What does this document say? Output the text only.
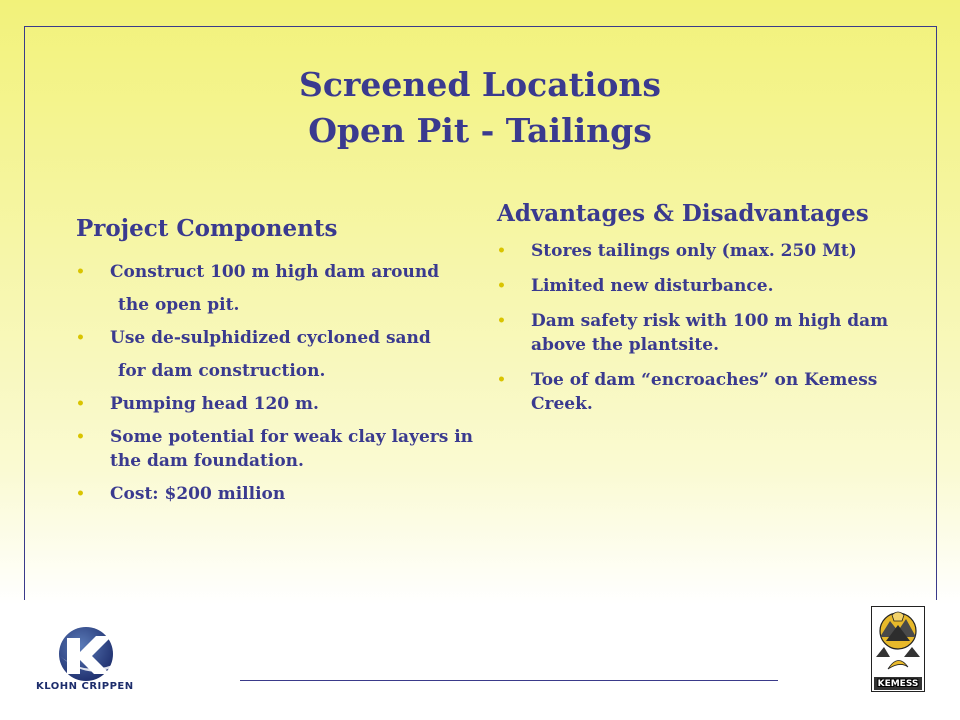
Screened Locations
Open Pit - Tailings
Project Components
• Construct 100 m high dam around
the open pit.
• Use de-sulphidized cycloned sand
for dam construction.
• Pumping head 120 m.
• Some potential for weak clay layers in the dam foundation.
• Cost: $200 million
Advantages & Disadvantages
• Stores tailings only (max. 250 Mt)
• Limited new disturbance.
• Dam safety risk with 100 m high dam above the plantsite.
• Toe of dam “encroaches” on Kemess Creek.
KLOHN CRIPPEN	KEMESS
